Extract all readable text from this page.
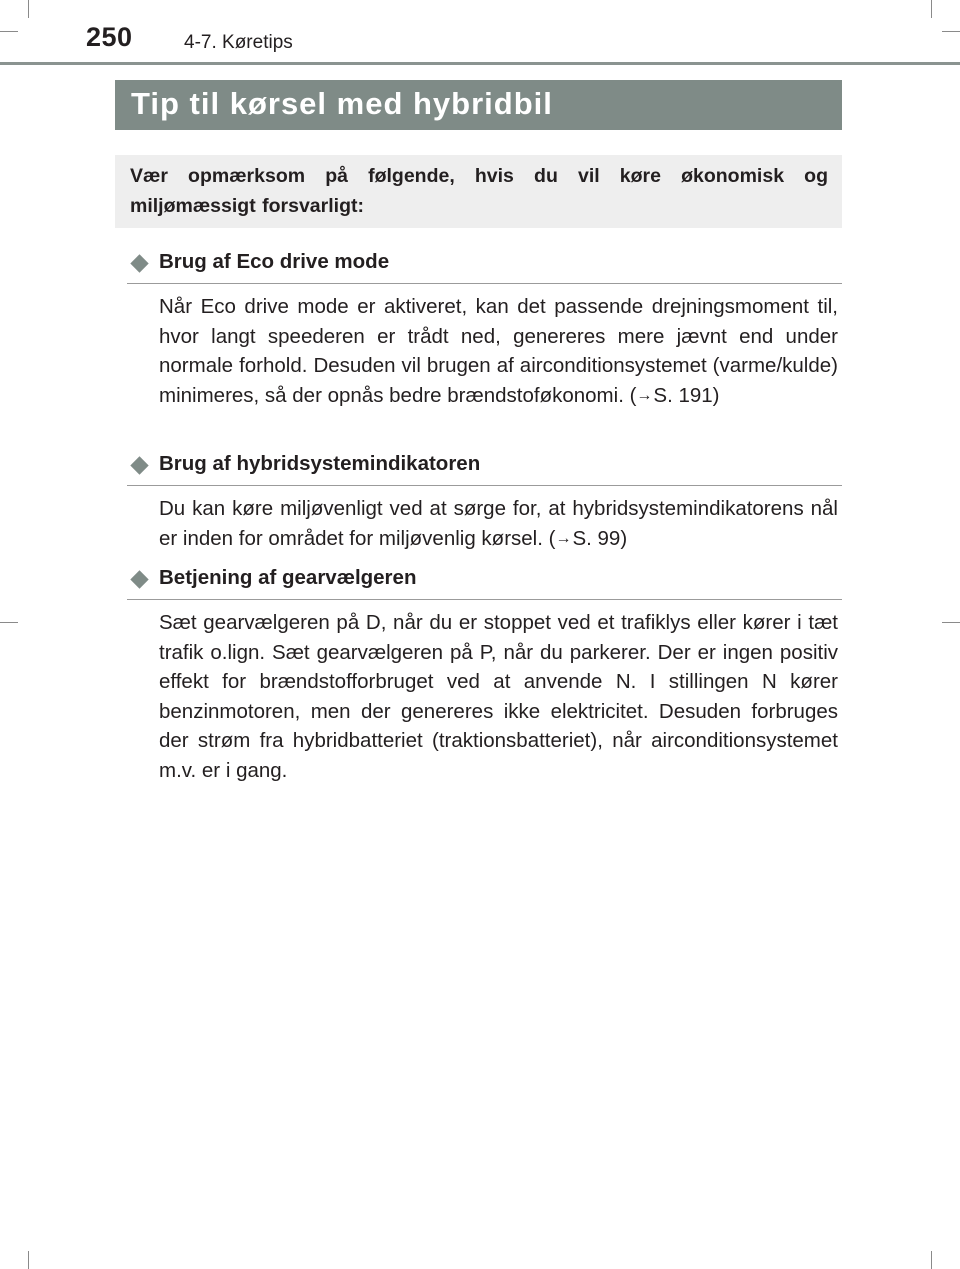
250	4-7. Køretips
Tip til kørsel med hybridbil
Vær opmærksom på følgende, hvis du vil køre økonomisk og miljømæssigt forsvarligt:
Brug af Eco drive mode
Når Eco drive mode er aktiveret, kan det passende drejningsmoment til, hvor langt speederen er trådt ned, genereres mere jævnt end under normale forhold. Desuden vil brugen af airconditionsystemet (varme/kulde) minimeres, så der opnås bedre brændstoføkonomi. (→S. 191)
Brug af hybridsystemindikatoren
Du kan køre miljøvenligt ved at sørge for, at hybridsystemindikatorens nål er inden for området for miljøvenlig kørsel. (→S. 99)
Betjening af gearvælgeren
Sæt gearvælgeren på D, når du er stoppet ved et trafiklys eller kører i tæt trafik o.lign. Sæt gearvælgeren på P, når du parkerer. Der er ingen positiv effekt for brændstofforbruget ved at anvende N. I stillingen N kører benzinmotoren, men der genereres ikke elektricitet. Desuden forbruges der strøm fra hybridbatteriet (traktionsbatteriet), når airconditionsystemet m.v. er i gang.
